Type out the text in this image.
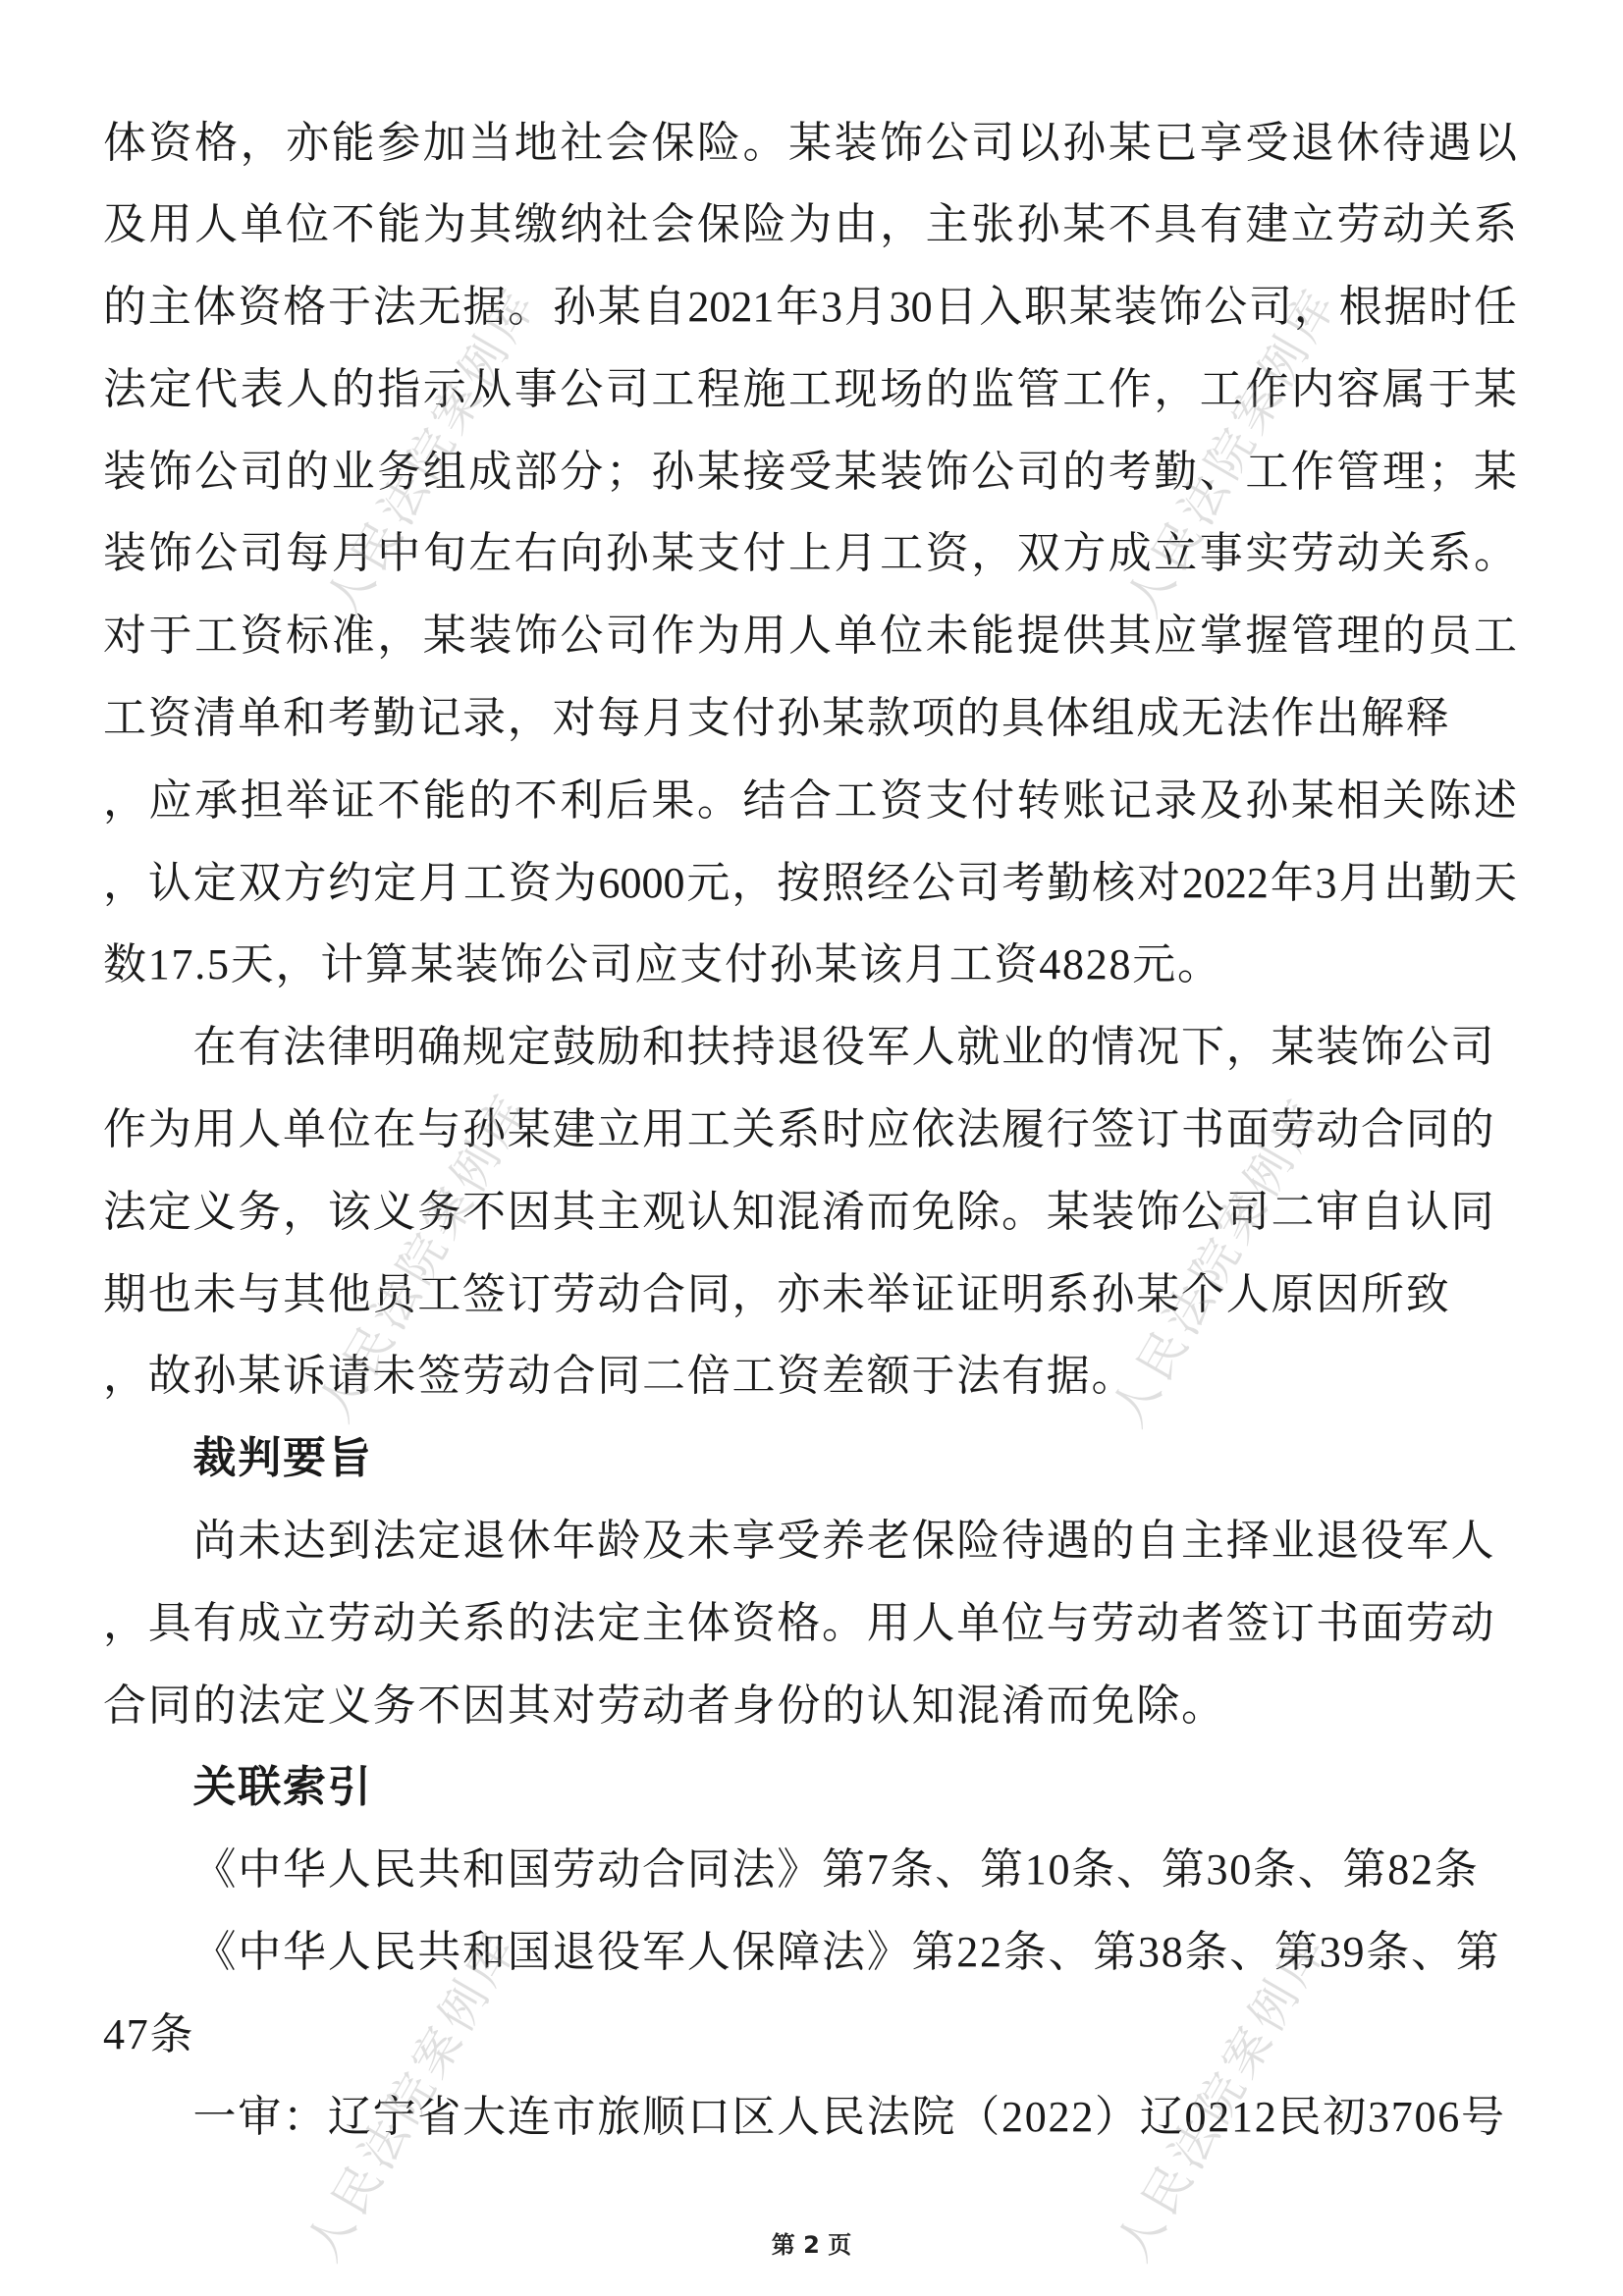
体资格，亦能参加当地社会保险。某装饰公司以孙某已享受退休待遇以
及用人单位不能为其缴纳社会保险为由，主张孙某不具有建立劳动关系
的主体资格于法无据。孙某自2021年3月30日入职某装饰公司，根据时任
法定代表人的指示从事公司工程施工现场的监管工作，工作内容属于某
装饰公司的业务组成部分；孙某接受某装饰公司的考勤、工作管理；某
装饰公司每月中旬左右向孙某支付上月工资，双方成立事实劳动关系。
对于工资标准，某装饰公司作为用人单位未能提供其应掌握管理的员工
工资清单和考勤记录，对每月支付孙某款项的具体组成无法作出解释
，应承担举证不能的不利后果。结合工资支付转账记录及孙某相关陈述
，认定双方约定月工资为6000元，按照经公司考勤核对2022年3月出勤天
数17.5天，计算某装饰公司应支付孙某该月工资4828元。
在有法律明确规定鼓励和扶持退役军人就业的情况下，某装饰公司
作为用人单位在与孙某建立用工关系时应依法履行签订书面劳动合同的
法定义务，该义务不因其主观认知混淆而免除。某装饰公司二审自认同
期也未与其他员工签订劳动合同，亦未举证证明系孙某个人原因所致
，故孙某诉请未签劳动合同二倍工资差额于法有据。
裁判要旨
尚未达到法定退休年龄及未享受养老保险待遇的自主择业退役军人
，具有成立劳动关系的法定主体资格。用人单位与劳动者签订书面劳动
合同的法定义务不因其对劳动者身份的认知混淆而免除。
关联索引
《中华人民共和国劳动合同法》第7条、第10条、第30条、第82条
《中华人民共和国退役军人保障法》第22条、第38条、第39条、第
47条
一审：辽宁省大连市旅顺口区人民法院（2022）辽0212民初3706号
第 2 页
人民法院案例库	人民法院案例库
人民法院案例库	人民法院案例库
人民法院案例库	人民法院案例库
